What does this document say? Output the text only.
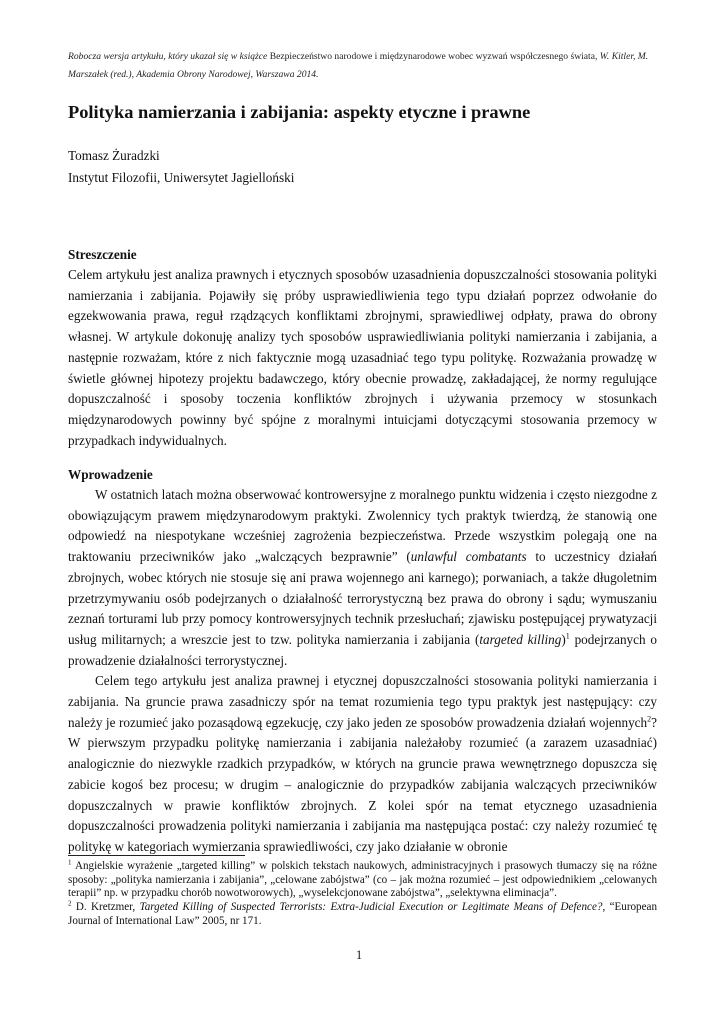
Robocza wersja artykułu, który ukazał się w książce Bezpieczeństwo narodowe i międzynarodowe wobec wyzwań współczesnego świata, W. Kitler, M. Marszałek (red.), Akademia Obrony Narodowej, Warszawa 2014.
Polityka namierzania i zabijania: aspekty etyczne i prawne
Tomasz Żuradzki
Instytut Filozofii, Uniwersytet Jagielloński
Streszczenie
Celem artykułu jest analiza prawnych i etycznych sposobów uzasadnienia dopuszczalności stosowania polityki namierzania i zabijania. Pojawiły się próby usprawiedliwienia tego typu działań poprzez odwołanie do egzekwowania prawa, reguł rządzących konfliktami zbrojnymi, sprawiedliwej odpłaty, prawa do obrony własnej. W artykule dokonuję analizy tych sposobów usprawiedliwiania polityki namierzania i zabijania, a następnie rozważam, które z nich faktycznie mogą uzasadniać tego typu politykę. Rozważania prowadzę w świetle głównej hipotezy projektu badawczego, który obecnie prowadzę, zakładającej, że normy regulujące dopuszczalność i sposoby toczenia konfliktów zbrojnych i używania przemocy w stosunkach międzynarodowych powinny być spójne z moralnymi intuicjami dotyczącymi stosowania przemocy w przypadkach indywidualnych.
Wprowadzenie
W ostatnich latach można obserwować kontrowersyjne z moralnego punktu widzenia i często niezgodne z obowiązującym prawem międzynarodowym praktyki. Zwolennicy tych praktyk twierdzą, że stanowią one odpowiedź na niespotykane wcześniej zagrożenia bezpieczeństwa. Przede wszystkim polegają one na traktowaniu przeciwników jako „walczących bezprawnie” (unlawful combatants to uczestnicy działań zbrojnych, wobec których nie stosuje się ani prawa wojennego ani karnego); porwaniach, a także długoletnim przetrzymywaniu osób podejrzanych o działalność terrorystyczną bez prawa do obrony i sądu; wymuszaniu zeznań torturami lub przy pomocy kontrowersyjnych technik przesłuchań; zjawisku postępującej prywatyzacji usług militarnych; a wreszcie jest to tzw. polityka namierzania i zabijania (targeted killing)$^1$ podejrzanych o prowadzenie działalności terrorystycznej.
Celem tego artykułu jest analiza prawnej i etycznej dopuszczalności stosowania polityki namierzania i zabijania. Na gruncie prawa zasadniczy spór na temat rozumienia tego typu praktyk jest następujący: czy należy je rozumieć jako pozasądową egzekucję, czy jako jeden ze sposobów prowadzenia działań wojennych$^2$? W pierwszym przypadku politykę namierzania i zabijania należałoby rozumieć (a zarazem uzasadniać) analogicznie do niezwykle rzadkich przypadków, w których na gruncie prawa wewnętrznego dopuszcza się zabicie kogoś bez procesu; w drugim – analogicznie do przypadków zabijania walczących przeciwników dopuszczalnych w prawie konfliktów zbrojnych. Z kolei spór na temat etycznego uzasadnienia dopuszczalności prowadzenia polityki namierzania i zabijania ma następująca postać: czy należy rozumieć tę politykę w kategoriach wymierzania sprawiedliwości, czy jako działanie w obronie
$^1$ Angielskie wyrażenie „targeted killing” w polskich tekstach naukowych, administracyjnych i prasowych tłumaczy się na różne sposoby: „polityka namierzania i zabijania”, „celowane zabójstwa” (co – jak można rozumieć – jest odpowiednikiem „celowanych terapii” np. w przypadku chorób nowotworowych), „wyselekcjonowane zabójstwa”, „selektywna eliminacja”.
$^2$ D. Kretzmer, Targeted Killing of Suspected Terrorists: Extra-Judicial Execution or Legitimate Means of Defence?, “European Journal of International Law” 2005, nr 171.
1
